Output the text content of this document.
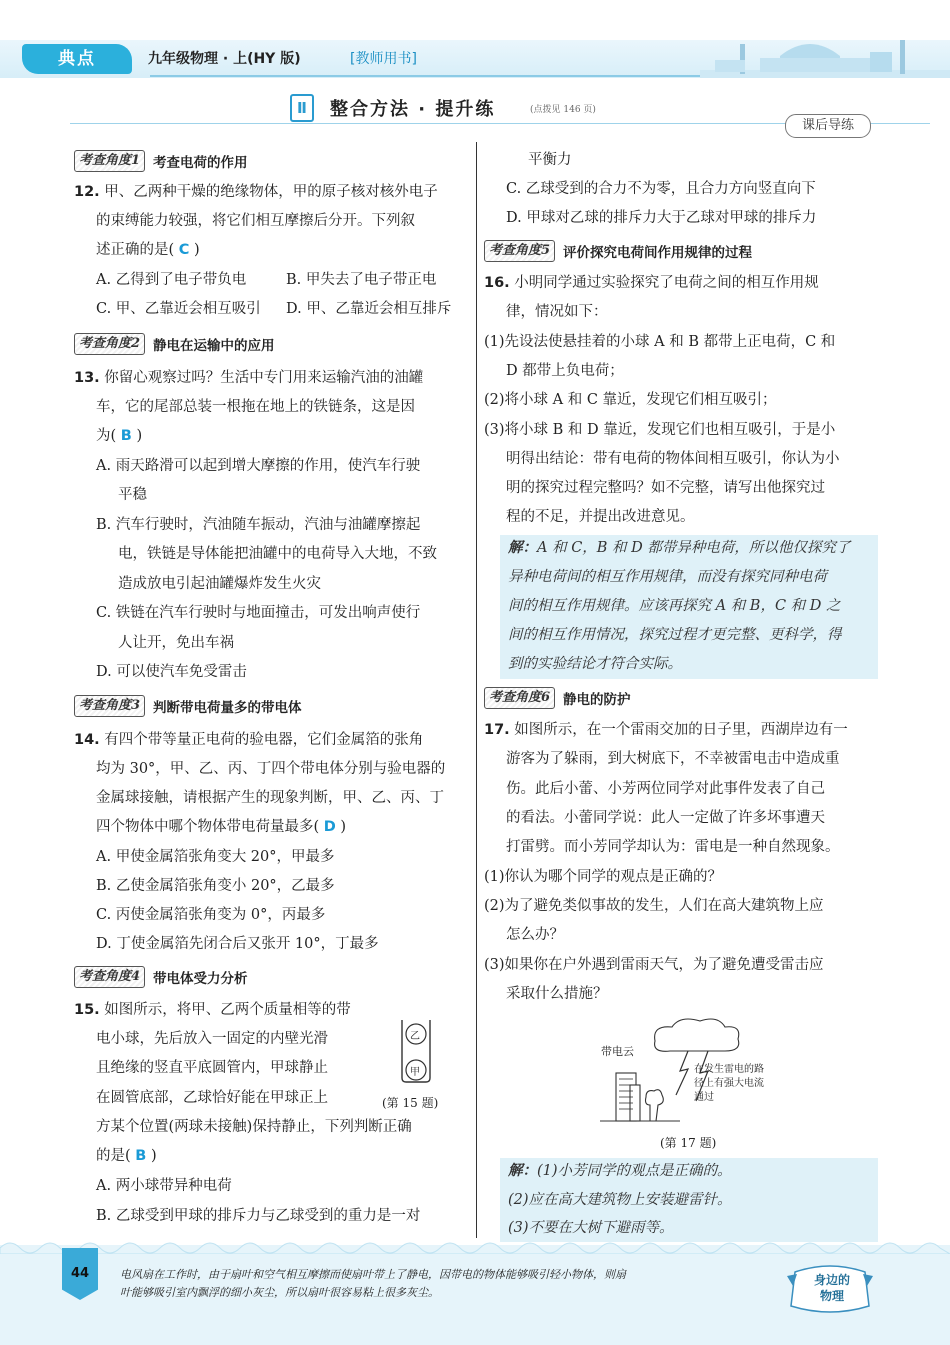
典点	九年级物理 · 上(HY 版)	[教师用书]
Ⅱ	整合方法 · 提升练	(点拨见 146 页)
课后导练
考查角度1 考查电荷的作用
12. 甲、乙两种干燥的绝缘物体，甲的原子核对核外电子
的束缚能力较强，将它们相互摩擦后分开。下列叙
述正确的是( C )
A. 乙得到了电子带负电	B. 甲失去了电子带正电
C. 甲、乙靠近会相互吸引 D. 甲、乙靠近会相互排斥
考查角度2 静电在运输中的应用
13. 你留心观察过吗？生活中专门用来运输汽油的油罐
车，它的尾部总装一根拖在地上的铁链条，这是因
为( B )
A. 雨天路滑可以起到增大摩擦的作用，使汽车行驶
平稳
B. 汽车行驶时，汽油随车振动，汽油与油罐摩擦起
电，铁链是导体能把油罐中的电荷导入大地，不致
造成放电引起油罐爆炸发生火灾
C. 铁链在汽车行驶时与地面撞击，可发出响声使行
人让开，免出车祸
D. 可以使汽车免受雷击
考查角度3 判断带电荷量多的带电体
14. 有四个带等量正电荷的验电器，它们金属箔的张角
均为 30°，甲、乙、丙、丁四个带电体分别与验电器的
金属球接触，请根据产生的现象判断，甲、乙、丙、丁
四个物体中哪个物体带电荷量最多( D )
A. 甲使金属箔张角变大 20°，甲最多
B. 乙使金属箔张角变小 20°，乙最多
C. 丙使金属箔张角变为 0°，丙最多
D. 丁使金属箔先闭合后又张开 10°，丁最多
考查角度4 带电体受力分析
15. 如图所示，将甲、乙两个质量相等的带
电小球，先后放入一固定的内壁光滑
且绝缘的竖直平底圆管内，甲球静止
在圆管底部，乙球恰好能在甲球正上
方某个位置(两球未接触)保持静止，下列判断正确
的是( B )
A. 两小球带异种电荷
B. 乙球受到甲球的排斥力与乙球受到的重力是一对
乙
甲
(第 15 题)
平衡力
C. 乙球受到的合力不为零，且合力方向竖直向下
D. 甲球对乙球的排斥力大于乙球对甲球的排斥力
考查角度5 评价探究电荷间作用规律的过程
16. 小明同学通过实验探究了电荷之间的相互作用规
律，情况如下：
(1)先设法使悬挂着的小球 A 和 B 都带上正电荷，C 和
D 都带上负电荷；
(2)将小球 A 和 C 靠近，发现它们相互吸引；
(3)将小球 B 和 D 靠近，发现它们也相互吸引，于是小
明得出结论：带有电荷的物体间相互吸引，你认为小
明的探究过程完整吗？如不完整，请写出他探究过
程的不足，并提出改进意见。
解：A 和 C，B 和 D 都带异种电荷，所以他仅探究了
异种电荷间的相互作用规律，而没有探究同种电荷
间的相互作用规律。应该再探究 A 和 B，C 和 D 之
间的相互作用情况，探究过程才更完整、更科学，得
到的实验结论才符合实际。
考查角度6 静电的防护
17. 如图所示，在一个雷雨交加的日子里，西湖岸边有一
游客为了躲雨，到大树底下，不幸被雷电击中造成重
伤。此后小蕾、小芳两位同学对此事件发表了自己
的看法。小蕾同学说：此人一定做了许多坏事遭天
打雷劈。而小芳同学却认为：雷电是一种自然现象。
(1)你认为哪个同学的观点是正确的？
(2)为了避免类似事故的发生，人们在高大建筑物上应
怎么办？
(3)如果你在户外遇到雷雨天气，为了避免遭受雷击应
采取什么措施？
带电云
在发生雷电的路
径上有强大电流
通过
(第 17 题)
解：(1)小芳同学的观点是正确的。
(2)应在高大建筑物上安装避雷针。
(3)不要在大树下避雨等。
44	电风扇在工作时，由于扇叶和空气相互摩擦而使扇叶带上了静电，因带电的物体能够吸引轻小物体，则扇
叶能够吸引室内飘浮的细小灰尘，所以扇叶很容易粘上很多灰尘。
身边的
物理
